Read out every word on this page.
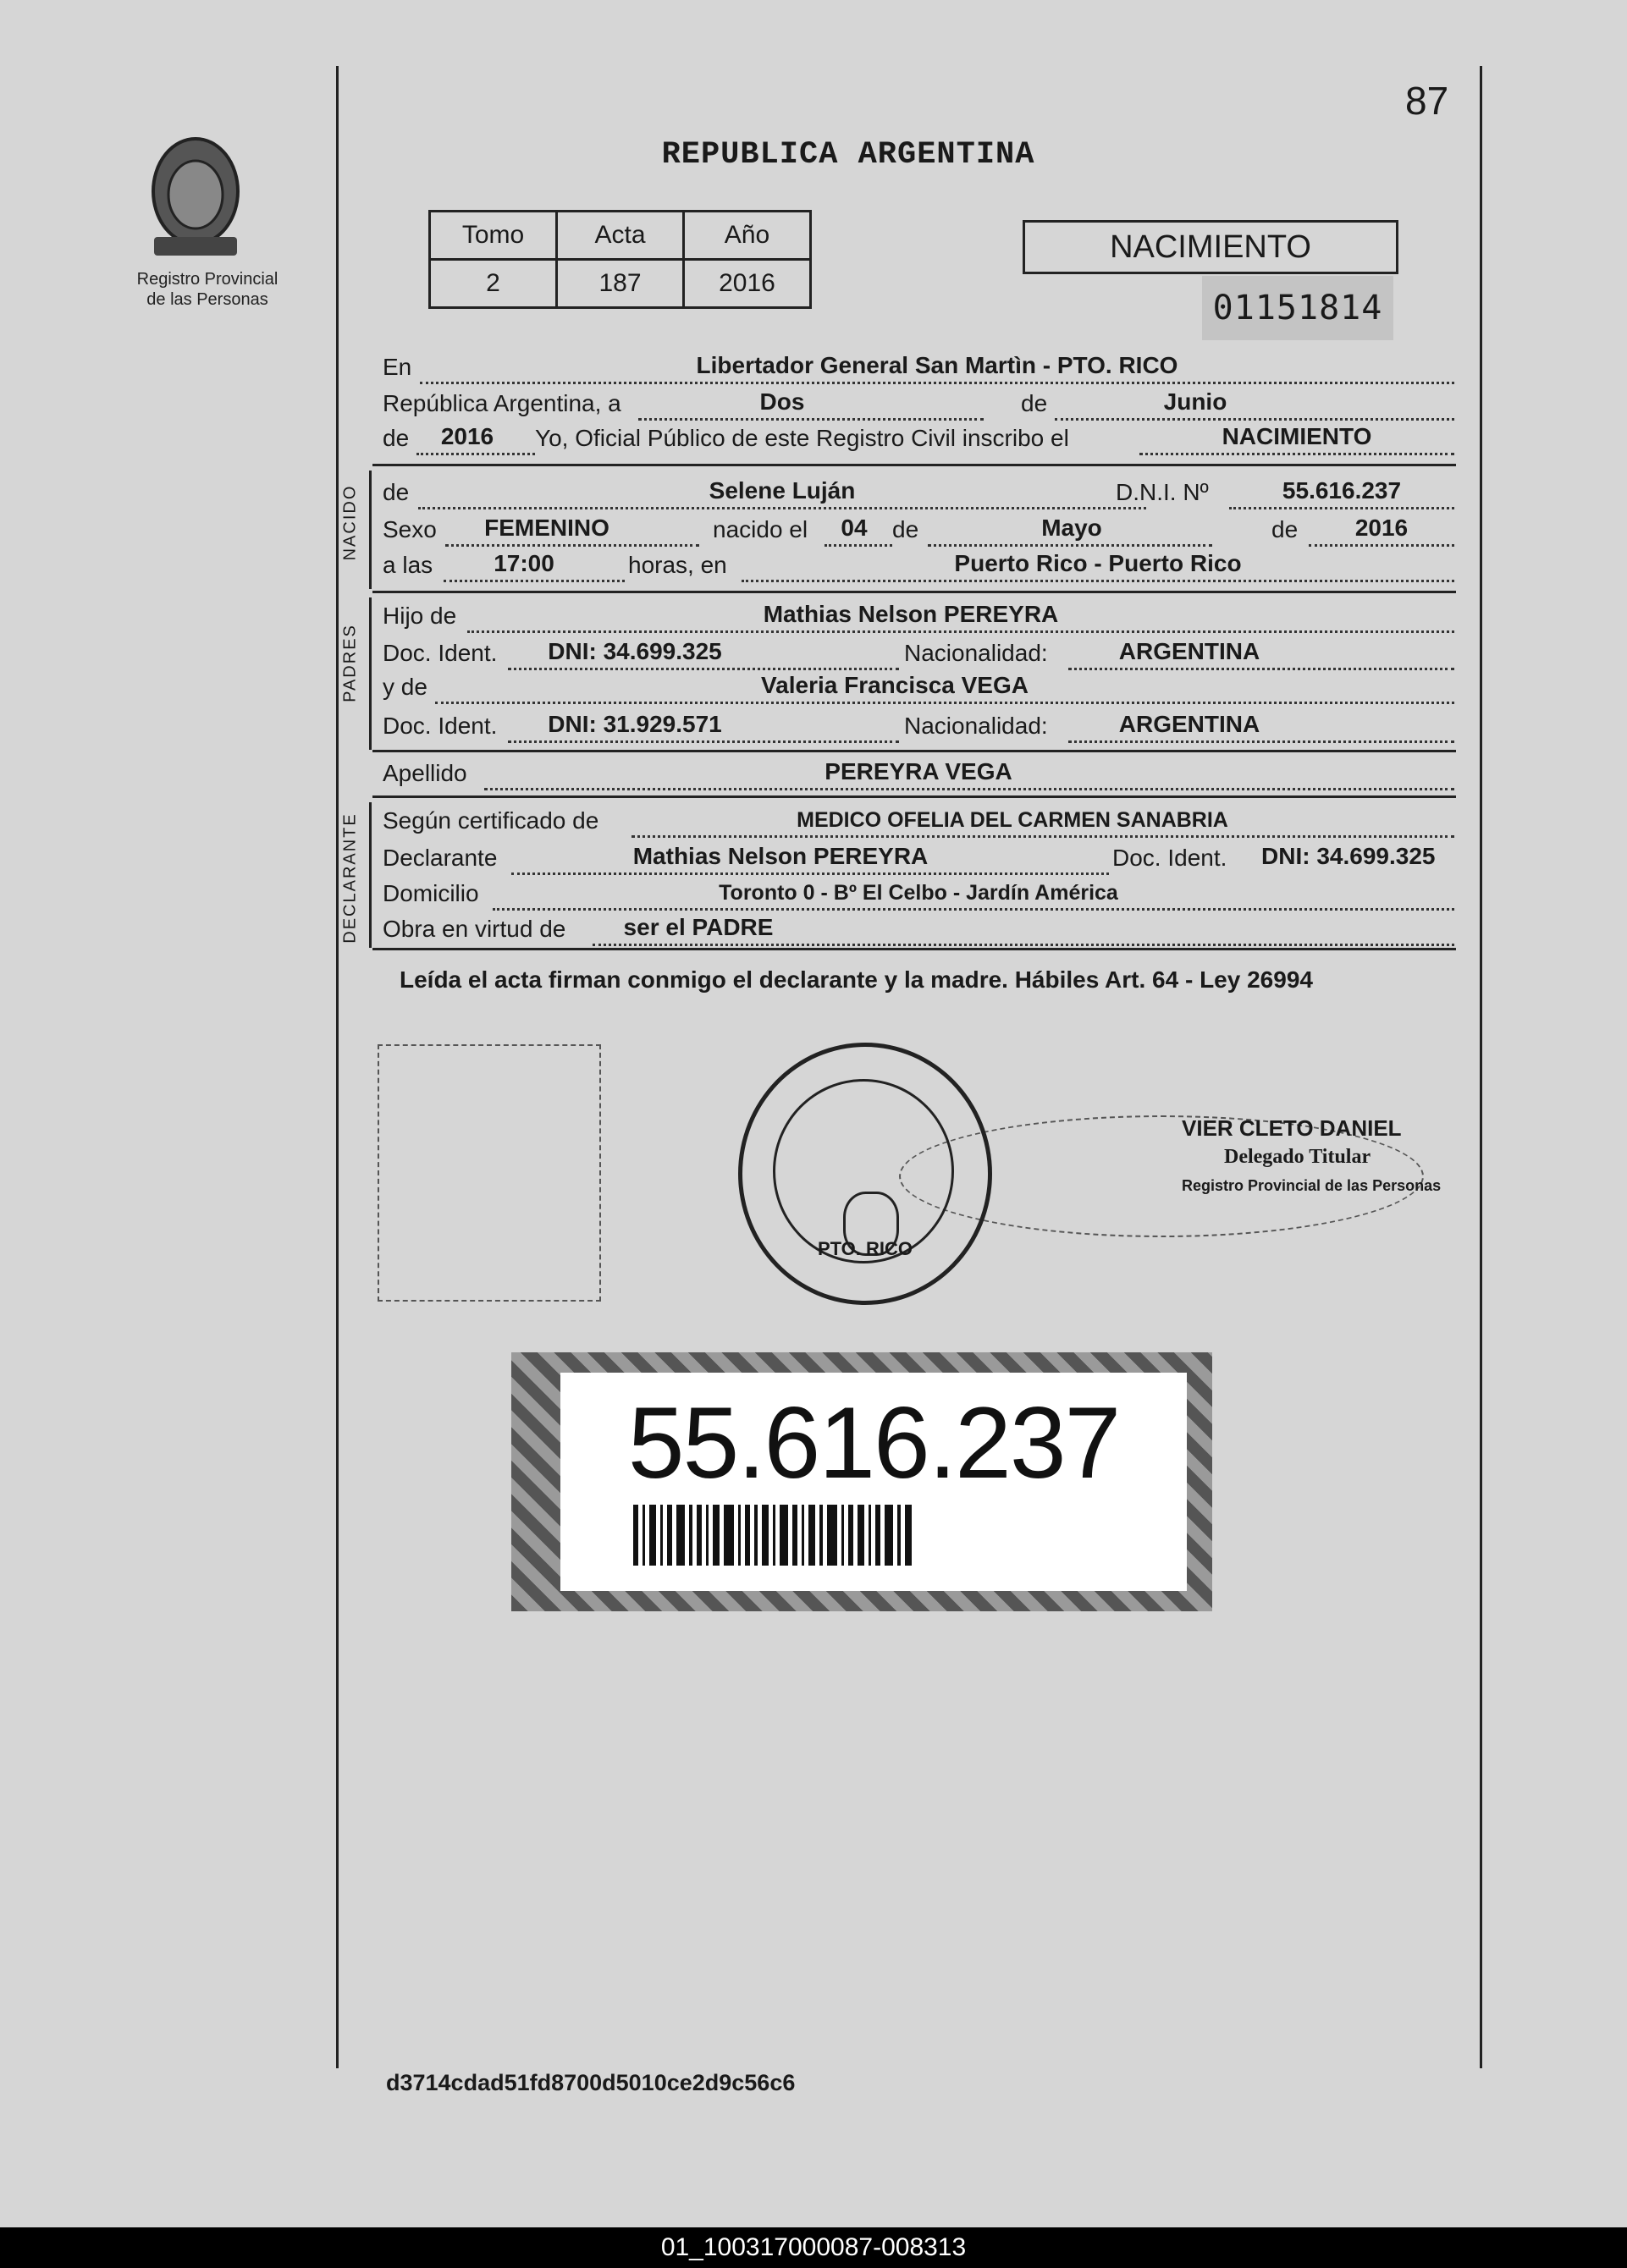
Registro Provincial
de las Personas
87
REPUBLICA ARGENTINA
Tomo	Acta	Año
2	187	2016
NACIMIENTO
01151814
En	Libertador General San Martìn - PTO. RICO
República Argentina, a	Dos	de	Junio
de	2016	Yo, Oficial Público de este Registro Civil inscribo el	NACIMIENTO
NACIDO de	Selene Luján	D.N.I. Nº	55.616.237
Sexo	FEMENINO	nacido el	04	de	Mayo	de	2016
a las	17:00	horas, en	Puerto Rico - Puerto Rico
PADRES
Hijo de	Mathias Nelson PEREYRA
Doc. Ident.	DNI: 34.699.325	Nacionalidad:	ARGENTINA
y de	Valeria Francisca VEGA
Doc. Ident.	DNI: 31.929.571	Nacionalidad:	ARGENTINA
Apellido	PEREYRA VEGA
DECLARANTE Según certificado de	MEDICO OFELIA DEL CARMEN SANABRIA
Declarante	Mathias Nelson PEREYRA	Doc. Ident. DNI: 34.699.325
Domicilio	Toronto 0 - Bº El Celbo - Jardín América
Obra en virtud de	ser el PADRE
Leída el acta firman conmigo el declarante y la madre. Hábiles Art. 64 - Ley 26994
PTO. RICO
VIER CLETO DANIEL
Delegado Titular
Registro Provincial de las Personas
55.616.237
d3714cdad51fd8700d5010ce2d9c56c6
01_100317000087-008313
